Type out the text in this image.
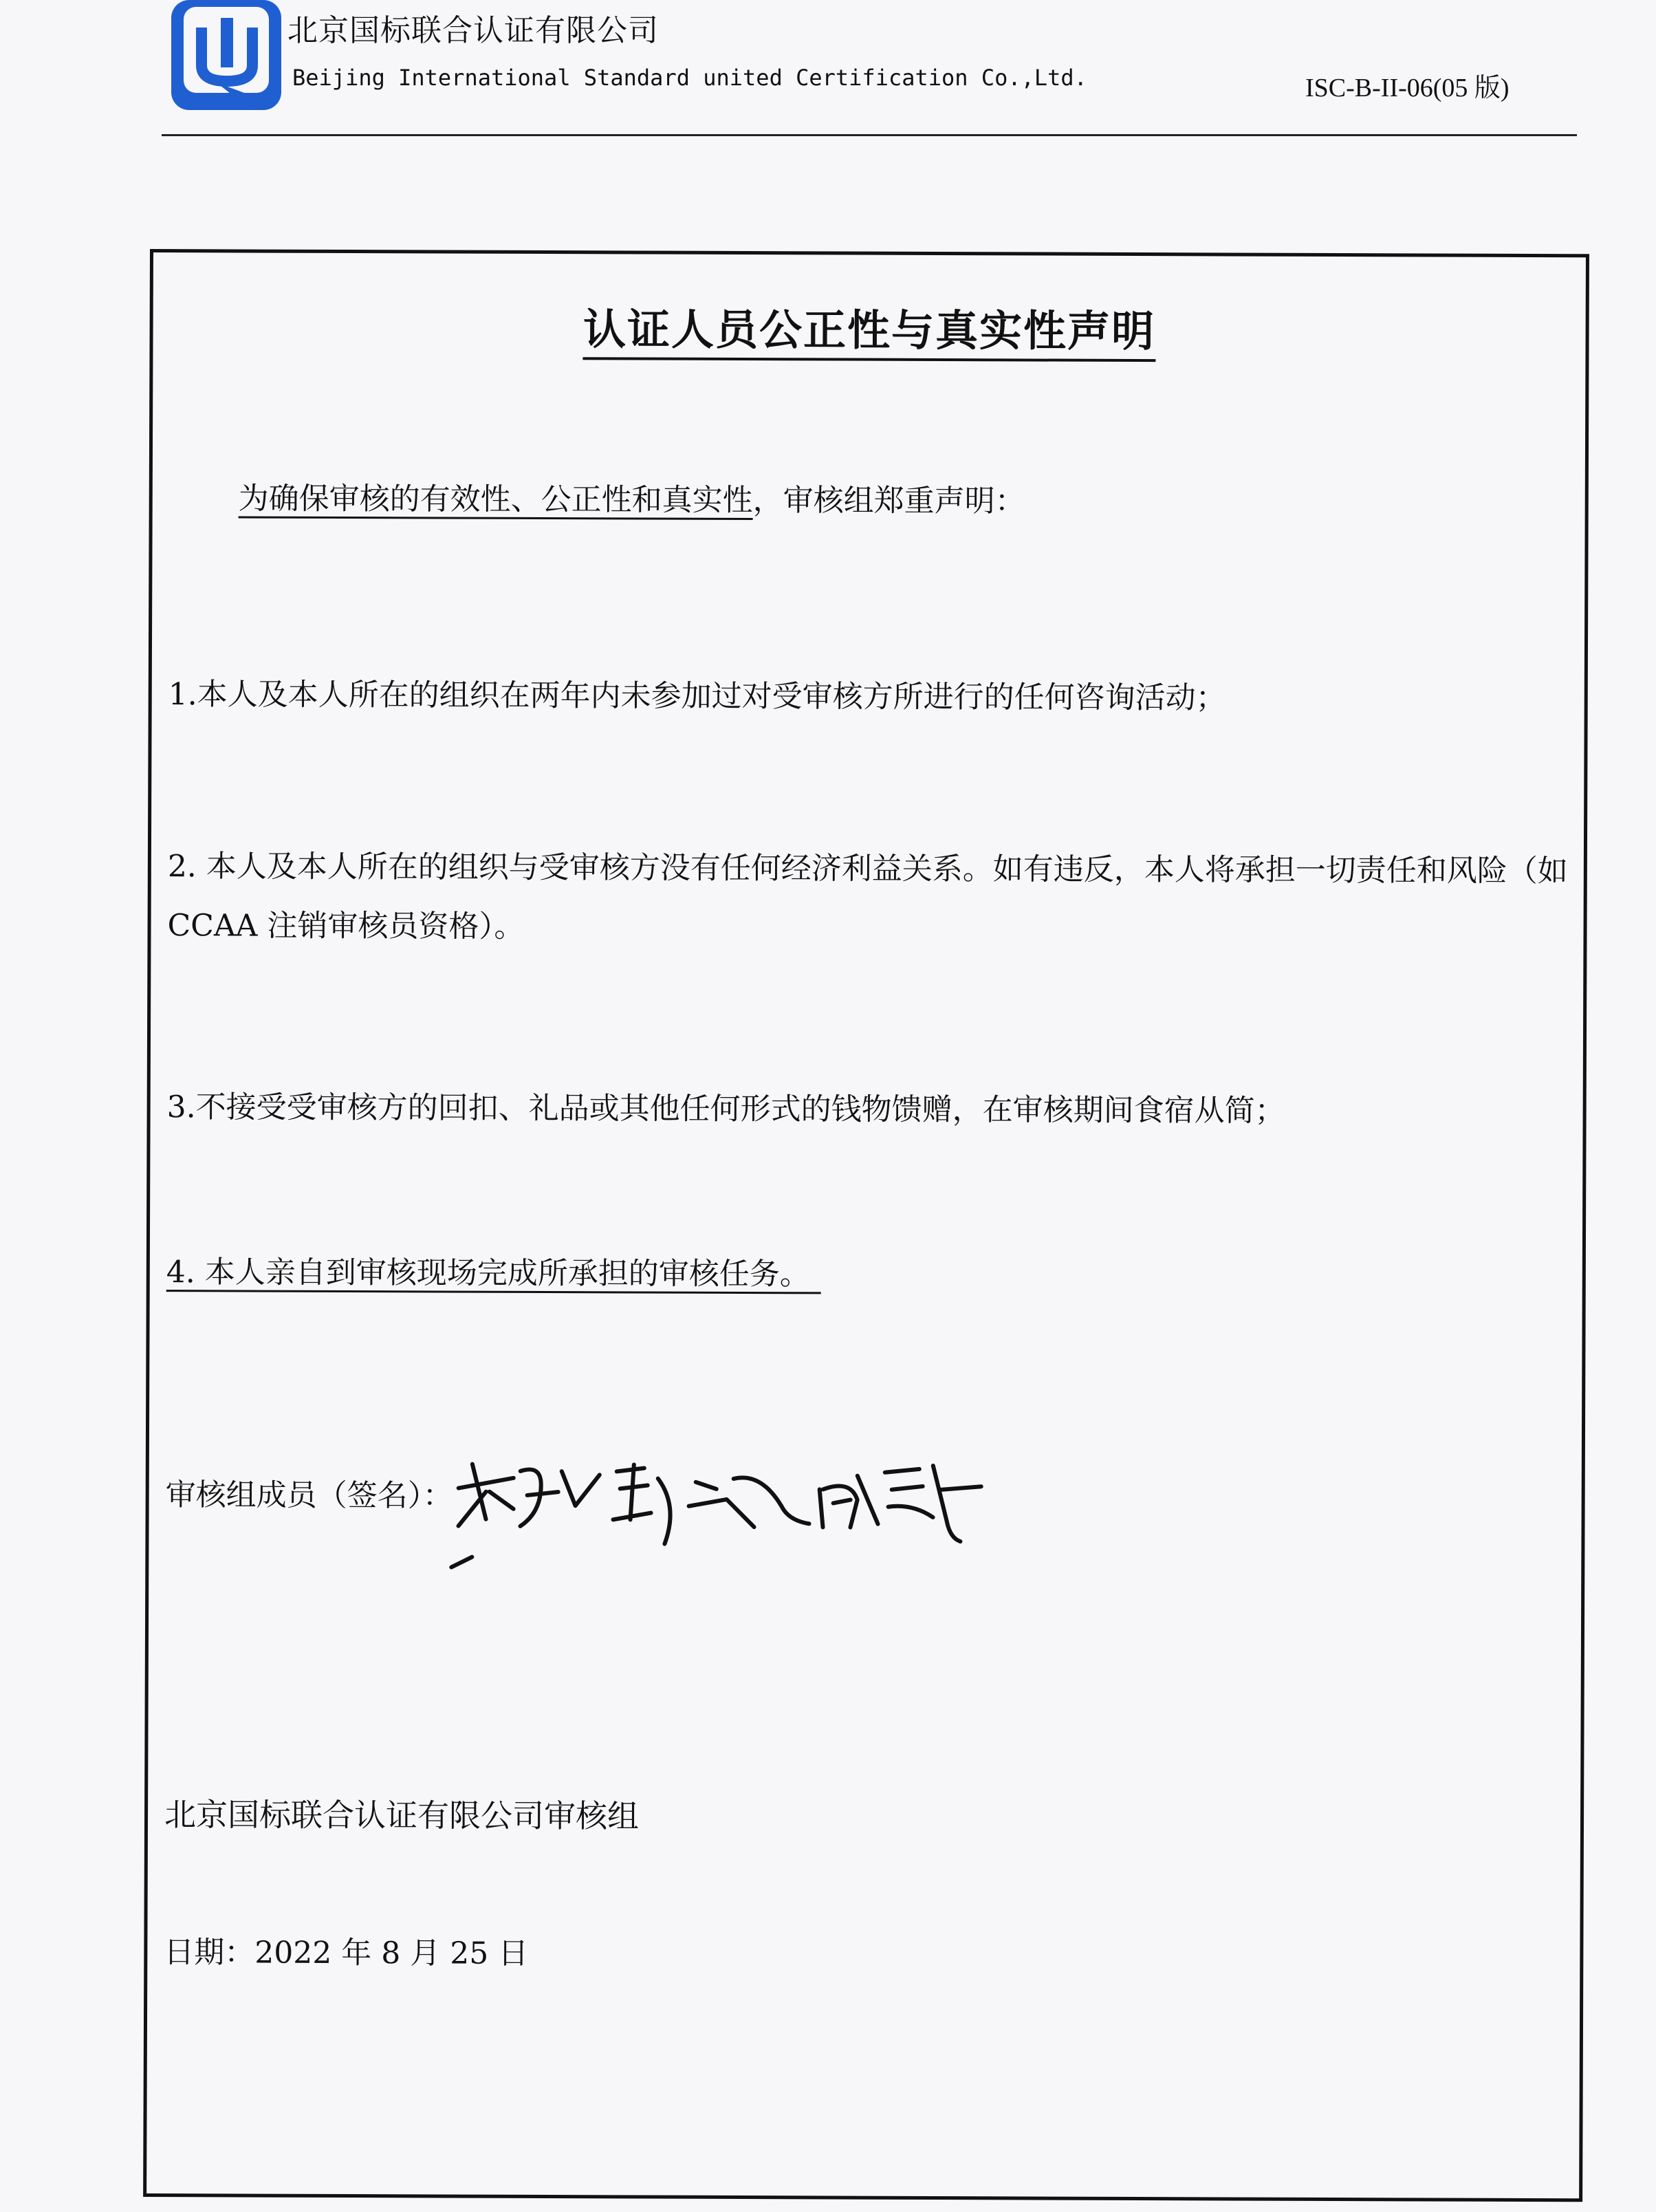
北京国标联合认证有限公司
Beijing International Standard united Certification Co.,Ltd.	ISC-B-II-06(05 版)
认证人员公正性与真实性声明
为确保审核的有效性、公正性和真实性，审核组郑重声明：
1.本人及本人所在的组织在两年内未参加过对受审核方所进行的任何咨询活动；
2. 本人及本人所在的组织与受审核方没有任何经济利益关系。如有违反，本人将承担一切责任和风险（如 CCAA 注销审核员资格）。
3.不接受受审核方的回扣、礼品或其他任何形式的钱物馈赠，在审核期间食宿从简；
4. 本人亲自到审核现场完成所承担的审核任务。
审核组成员（签名）：
北京国标联合认证有限公司审核组
日期：2022 年 8 月 25 日
